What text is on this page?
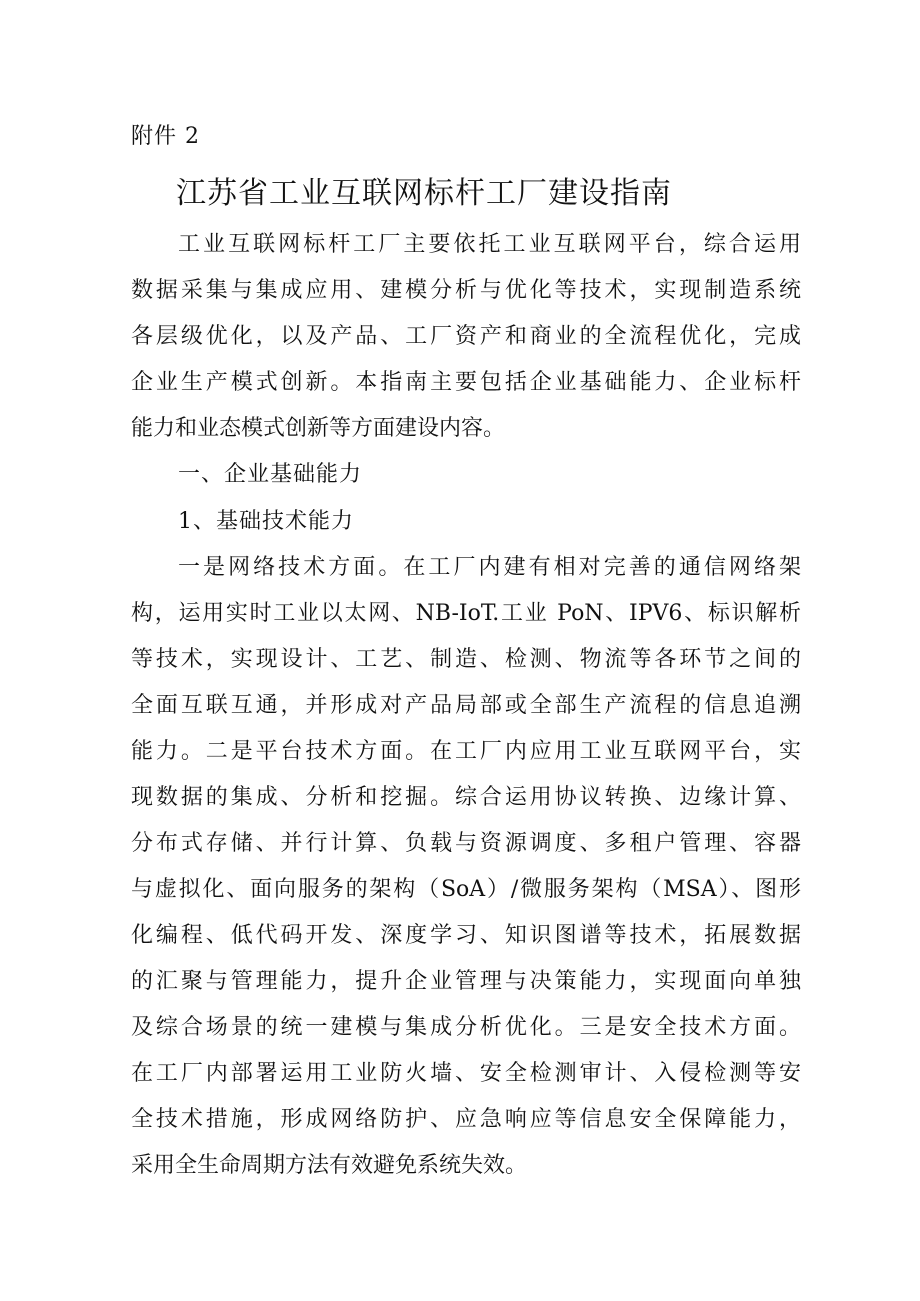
附件 2
江苏省工业互联网标杆工厂建设指南
工业互联网标杆工厂主要依托工业互联网平台，综合运用
数据采集与集成应用、建模分析与优化等技术，实现制造系统
各层级优化，以及产品、工厂资产和商业的全流程优化，完成
企业生产模式创新。本指南主要包括企业基础能力、企业标杆
能力和业态模式创新等方面建设内容。
一、企业基础能力
1、基础技术能力
一是网络技术方面。在工厂内建有相对完善的通信网络架
构，运用实时工业以太网、NB-IoT.工业 PoN、IPV6、标识解析
等技术，实现设计、工艺、制造、检测、物流等各环节之间的
全面互联互通，并形成对产品局部或全部生产流程的信息追溯
能力。二是平台技术方面。在工厂内应用工业互联网平台，实
现数据的集成、分析和挖掘。综合运用协议转换、边缘计算、
分布式存储、并行计算、负载与资源调度、多租户管理、容器
与虚拟化、面向服务的架构（SoA）/微服务架构（MSA）、图形
化编程、低代码开发、深度学习、知识图谱等技术，拓展数据
的汇聚与管理能力，提升企业管理与决策能力，实现面向单独
及综合场景的统一建模与集成分析优化。三是安全技术方面。
在工厂内部署运用工业防火墙、安全检测审计、入侵检测等安
全技术措施，形成网络防护、应急响应等信息安全保障能力，
采用全生命周期方法有效避免系统失效。
